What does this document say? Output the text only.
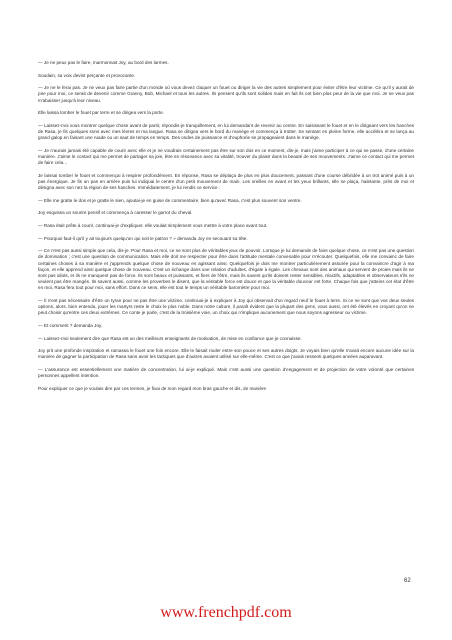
— Je ne peux pas le faire, marmonnait Joy, au bord des larmes.

Soudain, sa voix devint perçante et provocante.

— Je ne le ferai pas. Je ne veux pas faire partie d'un monde où vous devez claquer un fouet ou diriger la vie des autres simplement pour éviter d'être leur victime. Ce qu'il y aurait de pire pour moi, ce serait de devenir comme Granny, Bob, Michael et tous les autres. Ils pensent qu'ils sont solides mais en fait ils ont bien plus peur de la vie que moi. Je ne veux pas m'abaisser jusqu'à leur niveau.

Elle laissa tomber le fouet par terre et se dirigea vers la porte.

— Laissez-moi vous montrer quelque chose avant de partir, répondis-je tranquillement, en lui demandant de revenir au centre. En saisissant le fouet et en le dirigeant vers les hanches de Rasa, je fis quelques sons avec mes lèvres et ma langue. Rasa se dirigea vers le bord du manège et commença à trotter. Se sentant en pleine forme, elle accéléra et se lança au grand galop en faisant une ruade ou un saut de temps en temps. Des ondes de puissance et d'euphorie se propageaient dans le manège.

— Je n'aurais jamais été capable de courir avec elle et je ne voudrais certainement pas être sur son dos en ce moment, dis-je, mais j'aime participer à ce qui se passe, d'une certaine manière. J'aime le contact qui me permet de partager sa joie, être en résonance avec sa vitalité, trouver du plaisir dans la beauté de ses mouvements. J'aime ce contact qui me permet de faire cela...

Je laissai tomber le fouet et commençai à respirer profondément. En réponse, Rasa se déplaça de plus en plus doucement, passant d'une course débridée à un trot animé puis à un pas énergique. Je fis un pas en arrière puis lui indiquai le centre d'un petit mouvement de main. Les oreilles en avant et les yeux brillants, elle se plaça, haletante, près de moi et désigna avec son nez la région de ses hanches. Immédiatement, je lui rendis ce service :

— Elle me gratte le dos et je gratte le sien, ajoutai-je en guise de commentaire, bien qu'avec Rasa, c'est plus souvent son ventre.

Joy esquissa un sourire pensif et commença à caresser le garrot du cheval.

— Rasa était prête à courir, continuai-je d'expliquer, elle voulait simplement vous mettre à votre place avant tout.

— Pourquoi faut-il qu'il y ait toujours quelqu'un qui soit le patron ? » demanda Joy en secouant sa tête.

— Ce n'est pas aussi simple que cela, dis-je. Pour Rasa et moi, ce ne sont plus de véritables jeux de pouvoir. Lorsque je lui demande de faire quelque chose, ce n'est pas une question de domination ; c'est une question de communication. Mais elle doit me respecter pour être dans l'attitude mentale convenable pour m'écouter. Quelquefois, elle me convainc de faire certaines choses à sa manière et j'apprends quelque chose de nouveau en agissant ainsi. Quelquefois je dois me montrer particulièrement assurée pour la convaincre d'agir à ma façon, et elle apprend ainsi quelque chose de nouveau. C'est un échange dans une relation d'adultes, d'égale à égale. Les chevaux sont des animaux qui servent de proies mais ils ne sont pas idiots, et ils ne manquent pas de force. Ils sont beaux et puissants, et fiers de l'être, mais ils savent qu'ils doivent rester sensibles, réactifs, adaptables et observateurs s'ils ne veulent pas être mangés. Ils savent aussi, comme les proverbes le disent, que la véritable force est douce et que la véritable douceur est forte. Chaque fois que j'atteins cet état d'être en moi, Rasa fera tout pour moi, sans effort. Dans ce sens, elle est tout le temps un véritable baromètre pour moi.

— Il n'est pas nécessaire d'être un tyran pour ne pas être une victime, continuai-je à expliquer à Joy qui observait d'un regard neuf le fouet à terre. Si ce ne sont que vos deux seules options, alors, bien entendu, jouer les martyrs reste le choix le plus noble. Dans notre culture, il paraît évident que la plupart des gens, vous aussi, ont été élevés en croyant qu'on ne peut choisir qu'entre ces deux extrêmes. Ce conte je parle, c'est de la troisième voie, un choix qui n'implique aucunement que nous soyons agresseur ou victime.

— Et comment ? demanda Joy.

— Laissez-moi seulement dire que Rasa est un des meilleurs enseignants de motivation, de mise en confiance que je connaisse.

Joy prit une profonde inspiration et ramassa le fouet une fois encore. Elle le faisait rouler entre son pouce et ses autres doigts. Je voyais bien qu'elle n'avait encore aucune idée sur la manière de gagner la participation de Rasa sans avoir les tactiques que d'autres avaient utilisé sur elle-même. C'est ce que j'avais ressenti quelques années auparavant.

— L'assurance est essentiellement une matière de concentration, lui ai-je expliqué. Mais c'est aussi une question d'engagement et de projection de votre volonté que certaines personnes appellent intention.

Pour expliquer ce que je voulais dire par ces termes, je fixai de mon regard mon bras gauche et dis, de manière

62
www.frenchpdf.com
